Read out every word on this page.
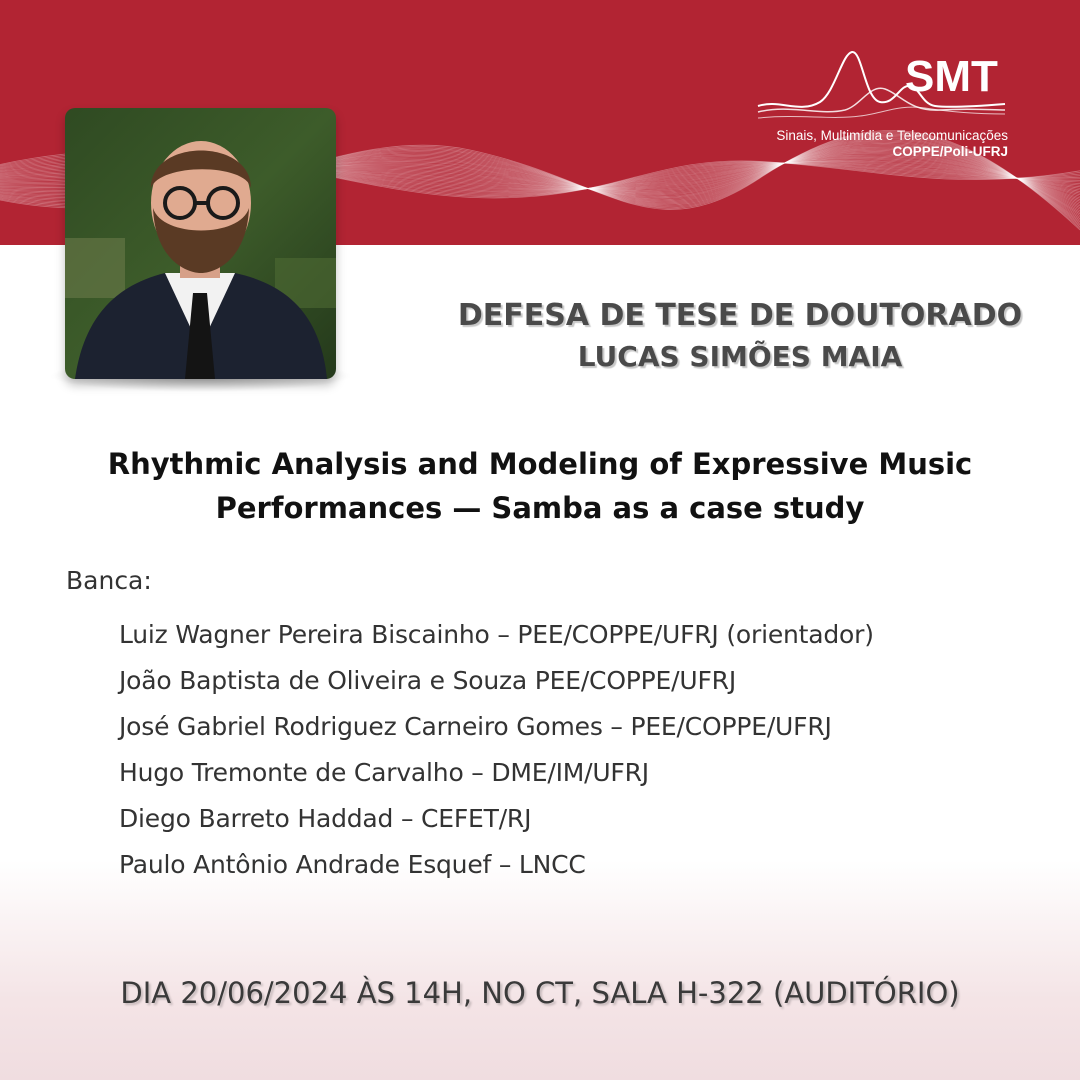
SMT
Sinais, Multimídia e Telecomunicações
COPPE/Poli-UFRJ
DEFESA DE TESE DE DOUTORADO
LUCAS SIMÕES MAIA
Rhythmic Analysis and Modeling of Expressive Music
Performances — Samba as a case study
Banca:
Luiz Wagner Pereira Biscainho – PEE/COPPE/UFRJ (orientador)
João Baptista de Oliveira e Souza PEE/COPPE/UFRJ
José Gabriel Rodriguez Carneiro Gomes – PEE/COPPE/UFRJ
Hugo Tremonte de Carvalho – DME/IM/UFRJ
Diego Barreto Haddad – CEFET/RJ
Paulo Antônio Andrade Esquef – LNCC
DIA 20/06/2024 ÀS 14H, NO CT, SALA H-322 (AUDITÓRIO)
